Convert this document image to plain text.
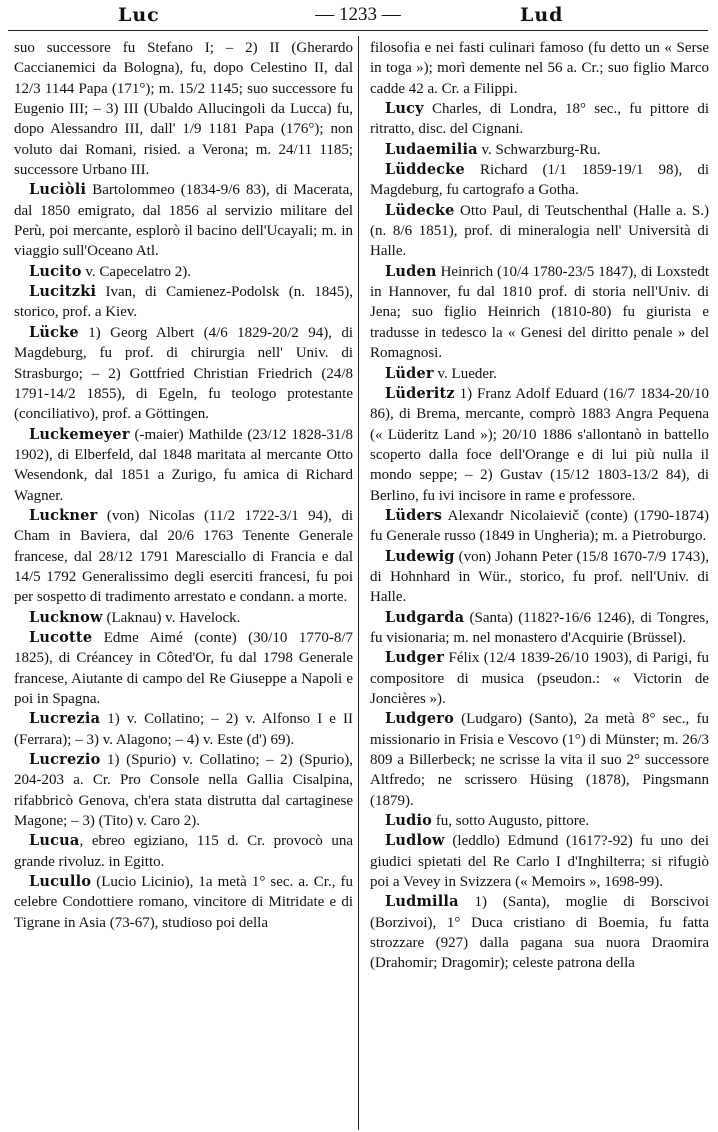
Luc	— 1233 —	Lud

suo successore fu Stefano I; – 2) II (Gherardo Caccianemici da Bologna), fu, dopo Celestino II, dal 12/3 1144 Papa (171°); m. 15/2 1145; suo successore fu Eugenio III; – 3) III (Ubaldo Allucingoli da Lucca) fu, dopo Alessandro III, dall' 1/9 1181 Papa (176°); non voluto dai Romani, risied. a Verona; m. 24/11 1185; successore Urbano III.

Luciòli Bartolommeo (1834-9/6 83), di Macerata, dal 1850 emigrato, dal 1856 al servizio militare del Perù, poi mercante, esplorò il bacino dell'Ucayali; m. in viaggio sull'Oceano Atl.

Lucito v. Capecelatro 2).

Lucitzki Ivan, di Camienez-Podolsk (n. 1845), storico, prof. a Kiev.

Lücke 1) Georg Albert (4/6 1829-20/2 94), di Magdeburg, fu prof. di chirurgia nell' Univ. di Strasburgo; – 2) Gottfried Christian Friedrich (24/8 1791-14/2 1855), di Egeln, fu teologo protestante (conciliativo), prof. a Göttingen.

Luckemeyer (-maier) Mathilde (23/12 1828-31/8 1902), di Elberfeld, dal 1848 maritata al mercante Otto Wesendonk, dal 1851 a Zurigo, fu amica di Richard Wagner.

Luckner (von) Nicolas (11/2 1722-3/1 94), di Cham in Baviera, dal 20/6 1763 Tenente Generale francese, dal 28/12 1791 Maresciallo di Francia e dal 14/5 1792 Generalissimo degli eserciti francesi, fu poi per sospetto di tradimento arrestato e condann. a morte.

Lucknow (Laknau) v. Havelock.

Lucotte Edme Aimé (conte) (30/10 1770-8/7 1825), di Créancey in Côted'Or, fu dal 1798 Generale francese, Aiutante di campo del Re Giuseppe a Napoli e poi in Spagna.

Lucrezia 1) v. Collatino; – 2) v. Alfonso I e II (Ferrara); – 3) v. Alagono; – 4) v. Este (d') 69).

Lucrezio 1) (Spurio) v. Collatino; – 2) (Spurio), 204-203 a. Cr. Pro Console nella Gallia Cisalpina, rifabbricò Genova, ch'era stata distrutta dal cartaginese Magone; – 3) (Tito) v. Caro 2).

Lucua, ebreo egiziano, 115 d. Cr. provocò una grande rivoluz. in Egitto.

Lucullo (Lucio Licinio), 1a metà 1° sec. a. Cr., fu celebre Condottiere romano, vincitore di Mitridate e di Tigrane in Asia (73-67), studioso poi della

filosofia e nei fasti culinari famoso (fu detto un « Serse in toga »); morì demente nel 56 a. Cr.; suo figlio Marco cadde 42 a. Cr. a Filippi.

Lucy Charles, di Londra, 18° sec., fu pittore di ritratto, disc. del Cignani.

Ludaemilia v. Schwarzburg-Ru.

Lüddecke Richard (1/1 1859-19/1 98), di Magdeburg, fu cartografo a Gotha.

Lüdecke Otto Paul, di Teutschenthal (Halle a. S.) (n. 8/6 1851), prof. di mineralogia nell' Università di Halle.

Luden Heinrich (10/4 1780-23/5 1847), di Loxstedt in Hannover, fu dal 1810 prof. di storia nell'Univ. di Jena; suo figlio Heinrich (1810-80) fu giurista e tradusse in tedesco la « Genesi del diritto penale » del Romagnosi.

Lüder v. Lueder.

Lüderitz 1) Franz Adolf Eduard (16/7 1834-20/10 86), di Brema, mercante, comprò 1883 Angra Pequena (« Lüderitz Land »); 20/10 1886 s'allontanò in battello scoperto dalla foce dell'Orange e di lui più nulla il mondo seppe; – 2) Gustav (15/12 1803-13/2 84), di Berlino, fu ivi incisore in rame e professore.

Lüders Alexandr Nicolaievič (conte) (1790-1874) fu Generale russo (1849 in Ungheria); m. a Pietroburgo.

Ludewig (von) Johann Peter (15/8 1670-7/9 1743), di Hohnhard in Wür., storico, fu prof. nell'Univ. di Halle.

Ludgarda (Santa) (1182?-16/6 1246), di Tongres, fu visionaria; m. nel monastero d'Acquirie (Brüssel).

Ludger Félix (12/4 1839-26/10 1903), di Parigi, fu compositore di musica (pseudon.: « Victorin de Joncières »).

Ludgero (Ludgaro) (Santo), 2a metà 8° sec., fu missionario in Frisia e Vescovo (1°) di Münster; m. 26/3 809 a Billerbeck; ne scrisse la vita il suo 2° successore Altfredo; ne scrissero Hüsing (1878), Pingsmann (1879).

Ludio fu, sotto Augusto, pittore.

Ludlow (leddlo) Edmund (1617?-92) fu uno dei giudici spietati del Re Carlo I d'Inghilterra; si rifugiò poi a Vevey in Svizzera (« Memoirs », 1698-99).

Ludmilla 1) (Santa), moglie di Borscivoi (Borzivoi), 1° Duca cristiano di Boemia, fu fatta strozzare (927) dalla pagana sua nuora Draomira (Drahomir; Dragomir); celeste patrona della
